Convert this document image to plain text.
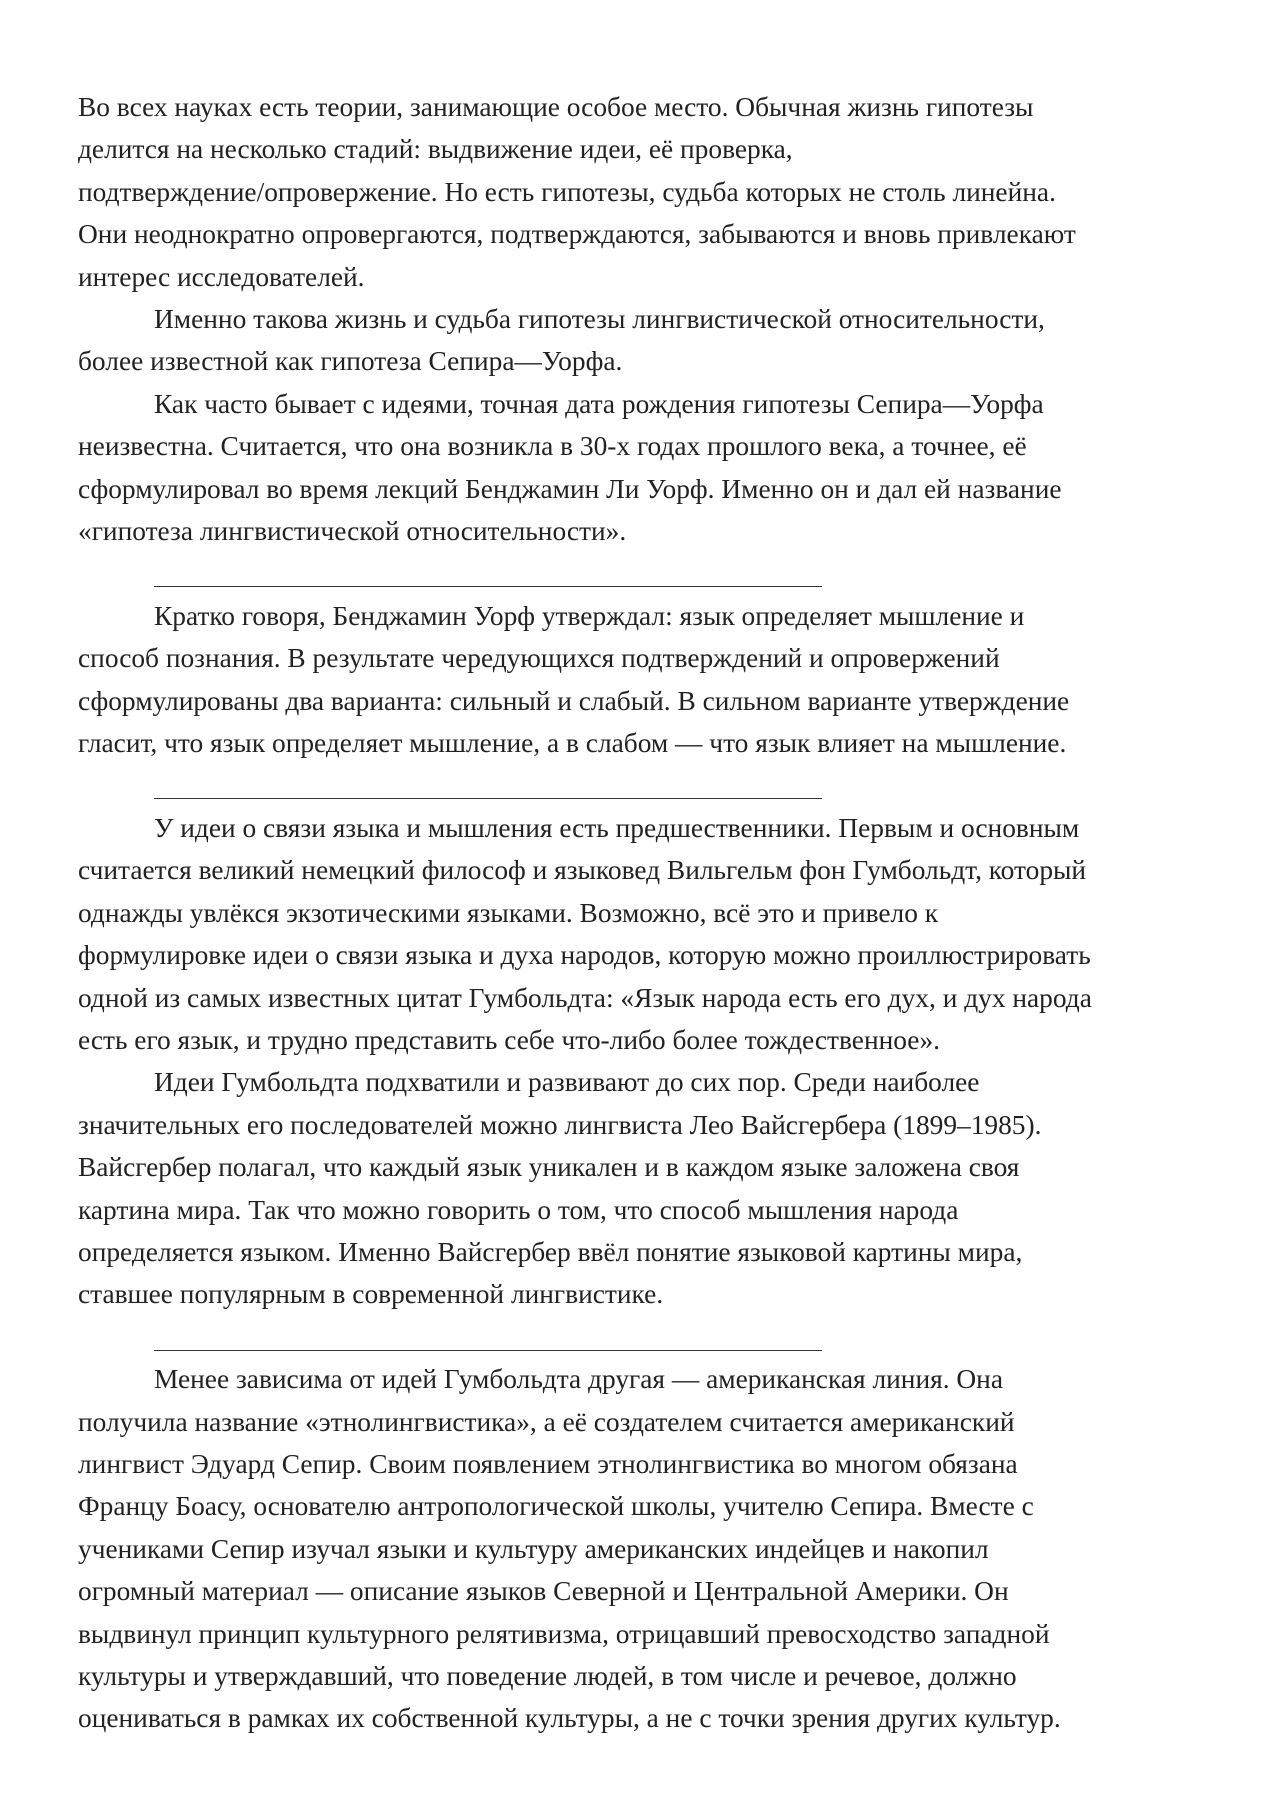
Во всех науках есть теории, занимающие особое место. Обычная жизнь гипотезы
делится на несколько стадий: выдвижение идеи, её проверка,
подтверждение/опровержение. Но есть гипотезы, судьба которых не столь линейна.
Они неоднократно опровергаются, подтверждаются, забываются и вновь привлекают
интерес исследователей.
Именно такова жизнь и судьба гипотезы лингвистической относительности,
более известной как гипотеза Сепира—Уорфа.
Как часто бывает с идеями, точная дата рождения гипотезы Сепира—Уорфа
неизвестна. Считается, что она возникла в 30-х годах прошлого века, а точнее, её
сформулировал во время лекций Бенджамин Ли Уорф. Именно он и дал ей название
«гипотеза лингвистической относительности».
Кратко говоря, Бенджамин Уорф утверждал: язык определяет мышление и
способ познания. В результате чередующихся подтверждений и опровержений
сформулированы два варианта: сильный и слабый. В сильном варианте утверждение
гласит, что язык определяет мышление, а в слабом — что язык влияет на мышление.
У идеи о связи языка и мышления есть предшественники. Первым и основным
считается великий немецкий философ и языковед Вильгельм фон Гумбольдт, который
однажды увлёкся экзотическими языками. Возможно, всё это и привело к
формулировке идеи о связи языка и духа народов, которую можно проиллюстрировать
одной из самых известных цитат Гумбольдта: «Язык народа есть его дух, и дух народа
есть его язык, и трудно представить себе что-либо более тождественное».
Идеи Гумбольдта подхватили и развивают до сих пор. Среди наиболее
значительных его последователей можно лингвиста Лео Вайсгербера (1899–1985).
Вайсгербер полагал, что каждый язык уникален и в каждом языке заложена своя
картина мира. Так что можно говорить о том, что способ мышления народа
определяется языком. Именно Вайсгербер ввёл понятие языковой картины мира,
ставшее популярным в современной лингвистике.
Менее зависима от идей Гумбольдта другая — американская линия. Она
получила название «этнолингвистика», а её создателем считается американский
лингвист Эдуард Сепир. Своим появлением этнолингвистика во многом обязана
Францу Боасу, основателю антропологической школы, учителю Сепира. Вместе с
учениками Сепир изучал языки и культуру американских индейцев и накопил
огромный материал — описание языков Северной и Центральной Америки. Он
выдвинул принцип культурного релятивизма, отрицавший превосходство западной
культуры и утверждавший, что поведение людей, в том числе и речевое, должно
оцениваться в рамках их собственной культуры, а не с точки зрения других культур.
